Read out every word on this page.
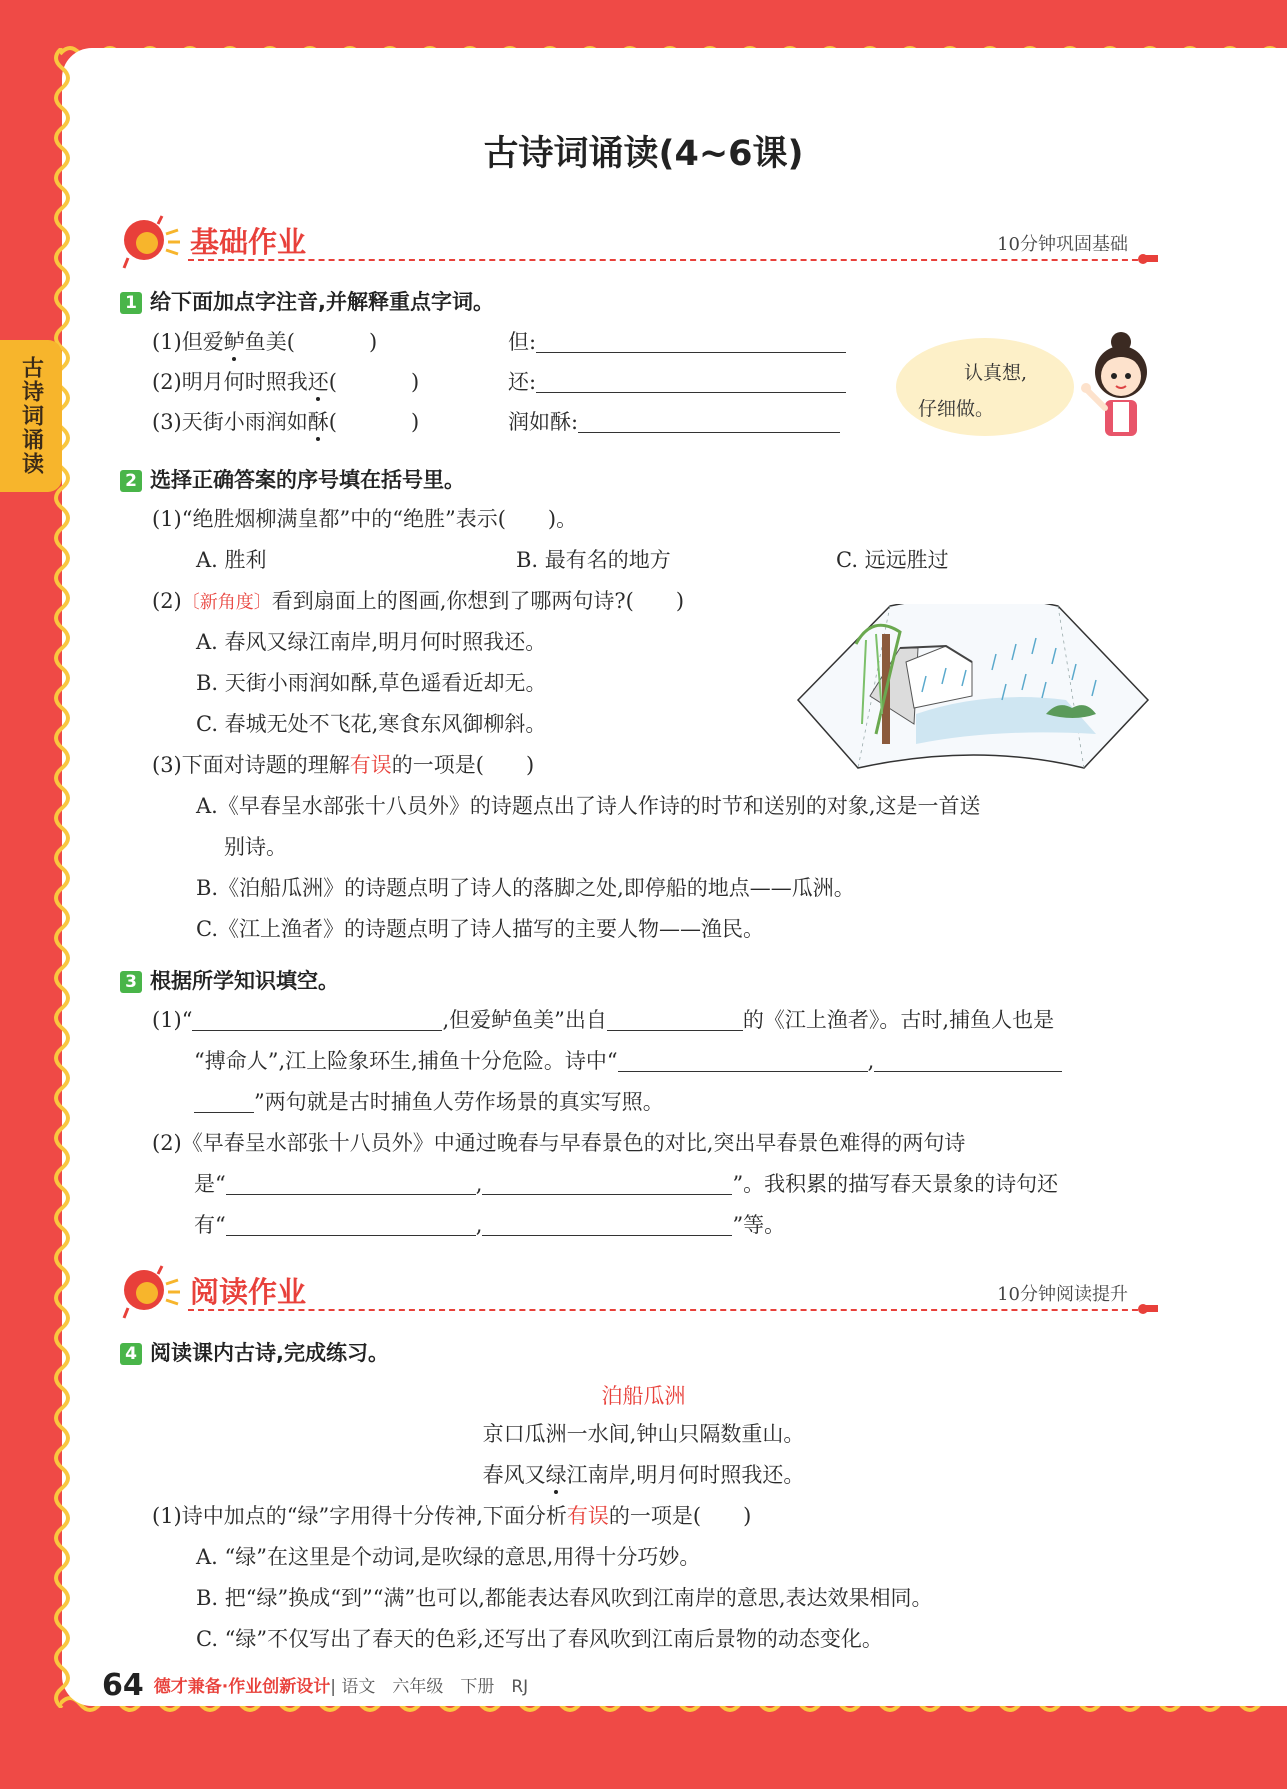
古诗词诵读
古诗词诵读(4~6课)
基础作业	10分钟巩固基础
1 给下面加点字注音,并解释重点字词。
(1)但爱鲈鱼美(	)	但:
(2)明月何时照我还(	)	还:
(3)天街小雨润如酥(	)	润如酥:
认真想,
仔细做。
2 选择正确答案的序号填在括号里。
(1)“绝胜烟柳满皇都”中的“绝胜”表示(　　)。
A. 胜利	B. 最有名的地方	C. 远远胜过
(2)〔新角度〕看到扇面上的图画,你想到了哪两句诗?(　　)
A. 春风又绿江南岸,明月何时照我还。
B. 天街小雨润如酥,草色遥看近却无。
C. 春城无处不飞花,寒食东风御柳斜。
(3)下面对诗题的理解有误的一项是(　　)
A.《早春呈水部张十八员外》的诗题点出了诗人作诗的时节和送别的对象,这是一首送
别诗。
B.《泊船瓜洲》的诗题点明了诗人的落脚之处,即停船的地点——瓜洲。
C.《江上渔者》的诗题点明了诗人描写的主要人物——渔民。
3 根据所学知识填空。
(1)“	,但爱鲈鱼美”出自	的《江上渔者》。古时,捕鱼人也是
“搏命人”,江上险象环生,捕鱼十分危险。诗中“	,
”两句就是古时捕鱼人劳作场景的真实写照。
(2)《早春呈水部张十八员外》中通过晚春与早春景色的对比,突出早春景色难得的两句诗
是“	,	”。我积累的描写春天景象的诗句还
有“	,	”等。
阅读作业	10分钟阅读提升
4 阅读课内古诗,完成练习。
泊船瓜洲
京口瓜洲一水间,钟山只隔数重山。
春风又绿江南岸,明月何时照我还。
(1)诗中加点的“绿”字用得十分传神,下面分析有误的一项是(　　)
A. “绿”在这里是个动词,是吹绿的意思,用得十分巧妙。
B. 把“绿”换成“到”“满”也可以,都能表达春风吹到江南岸的意思,表达效果相同。
C. “绿”不仅写出了春天的色彩,还写出了春风吹到江南后景物的动态变化。
64 德才兼备·作业创新设计| 语文　六年级　下册　RJ
